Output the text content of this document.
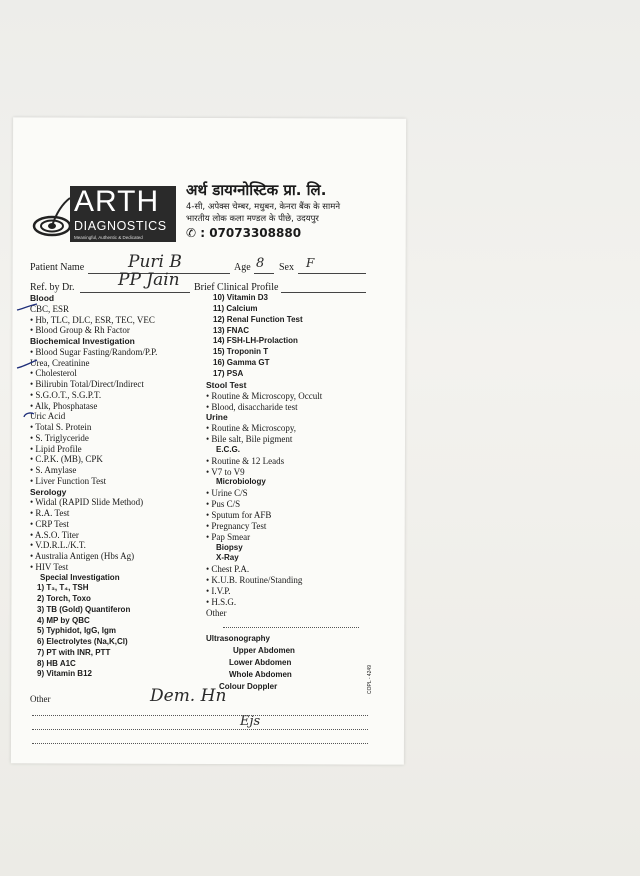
ARTH
DIAGNOSTICS
Meaningful, Authentic & Dedicated
अर्थ डायग्नोस्टिक प्रा. लि.
4-सी, अपेक्स चेम्बर, मधुबन, केनरा बैंक के सामने
भारतीय लोक कला मण्डल के पीछे, उदयपुर
✆ : 07073308880
Patient Name	Puri B	Age 8 Sex F
Ref. by Dr.	PP Jain Brief Clinical Profile
Blood
CBC, ESR
• Hb, TLC, DLC, ESR, TEC, VEC
• Blood Group & Rh Factor
Biochemical Investigation
• Blood Sugar Fasting/Random/P.P.
Urea, Creatinine
• Cholesterol
• Bilirubin Total/Direct/Indirect
• S.G.O.T., S.G.P.T.
• Alk, Phosphatase
Uric Acid
• Total S. Protein
• S. Triglyceride
• Lipid Profile
• C.P.K. (MB), CPK
• S. Amylase
• Liver Function Test
Serology
• Widal (RAPID Slide Method)
• R.A. Test
• CRP Test
• A.S.O. Titer
• V.D.R.L./K.T.
• Australia Antigen (Hbs Ag)
• HIV Test
Special Investigation
1) T₃, T₄, TSH
2) Torch, Toxo
3) TB (Gold) Quantiferon
4) MP by QBC
5) Typhidot, IgG, Igm
6) Electrolytes (Na,K,Cl)
7) PT with INR, PTT
8) HB A1C
9) Vitamin B12
10) Vitamin D3
11) Calcium
12) Renal Function Test
13) FNAC
14) FSH-LH-Prolaction
15) Troponin T
16) Gamma GT
17) PSA
Stool Test
• Routine & Microscopy, Occult
• Blood, disaccharide test
Urine
• Routine & Microscopy,
• Bile salt, Bile pigment
E.C.G.
• Routine & 12 Leads
• V7 to V9
Microbiology
• Urine C/S
• Pus C/S
• Sputum for AFB
• Pregnancy Test
• Pap Smear
Biopsy
X-Ray
• Chest P.A.
• K.U.B. Routine/Standing
• I.V.P.
• H.S.G.
Other
Ultrasonography
Upper Abdomen
Lower Abdomen
Whole Abdomen
Colour Doppler	COPL - 4249
Other	Dem. Hn
Ejs
